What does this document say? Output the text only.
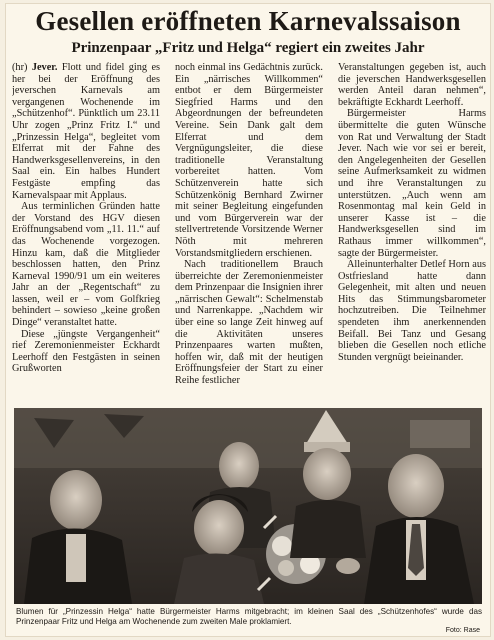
Gesellen eröffneten Karnevalssaison
Prinzenpaar „Fritz und Helga“ regiert ein zweites Jahr

(hr) Jever. Flott und fidel ging es her bei der Eröffnung des jeverschen Karnevals am vergangenen Wochenende im „Schützenhof“. Pünktlich um 23.11 Uhr zogen „Prinz Fritz I.“ und „Prinzessin Helga“, begleitet vom Elferrat mit der Fahne des Handwerksgesellenvereins, in den Saal ein. Ein halbes Hundert Festgäste empfing das Karnevalspaar mit Applaus.

Aus terminlichen Gründen hatte der Vorstand des HGV diesen Eröffnungsabend vom „11. 11.“ auf das Wochenende vorgezogen. Hinzu kam, daß die Mitglieder beschlossen hatten, den Prinz Karneval 1990/91 um ein weiteres Jahr an der „Regentschaft“ zu lassen, weil er – vom Golfkrieg behindert – sowieso „keine großen Dinge“ veranstaltet hatte.

Diese „jüngste Vergangenheit“ rief Zeremonienmeister Eckhardt Leerhoff den Festgästen in seinen Grußworten

noch einmal ins Gedächtnis zurück. Ein „närrisches Willkommen“ entbot er dem Bürgermeister Siegfried Harms und den Abgeordnungen der befreundeten Vereine. Sein Dank galt dem Elferrat und dem Vergnügungsleiter, die diese traditionelle Veranstaltung vorbereitet hatten. Vom Schützenverein hatte sich Schützenkönig Bernhard Zwirner mit seiner Begleitung eingefunden und vom Bürgerverein war der stellvertretende Vorsitzende Werner Nöth mit mehreren Vorstandsmitgliedern erschienen.

Nach traditionellem Brauch überreichte der Zeremonienmeister dem Prinzenpaar die Insignien ihrer „närrischen Gewalt“: Schelmenstab und Narrenkappe. „Nachdem wir über eine so lange Zeit hinweg auf die Aktivitäten unseres Prinzenpaares warten mußten, hoffen wir, daß mit der heutigen Eröffnungsfeier der Start zu einer Reihe festlicher

Veranstaltungen gegeben ist, auch die jeverschen Handwerksgesellen werden Anteil daran nehmen“, bekräftigte Eckhardt Leerhoff.

Bürgermeister Harms übermittelte die guten Wünsche von Rat und Verwaltung der Stadt Jever. Nach wie vor sei er bereit, den Angelegenheiten der Gesellen seine Aufmerksamkeit zu widmen und ihre Veranstaltungen zu unterstützen. „Auch wenn am Rosenmontag mal kein Geld in unserer Kasse ist – die Handwerksgesellen sind im Rathaus immer willkommen“, sagte der Bürgermeister.

Alleinunterhalter Detlef Horn aus Ostfriesland hatte dann Gelegenheit, mit alten und neuen Hits das Stimmungsbarometer hochzutreiben. Die Teilnehmer spendeten ihm anerkennenden Beifall. Bei Tanz und Gesang blieben die Gesellen noch etliche Stunden vergnügt beieinander.

Blumen für „Prinzessin Helga“ hatte Bürgermeister Harms mitgebracht; im kleinen Saal des „Schützenhofes“ wurde das Prinzenpaar Fritz und Helga am Wochenende zum zweiten Male proklamiert.
Foto: Rase
